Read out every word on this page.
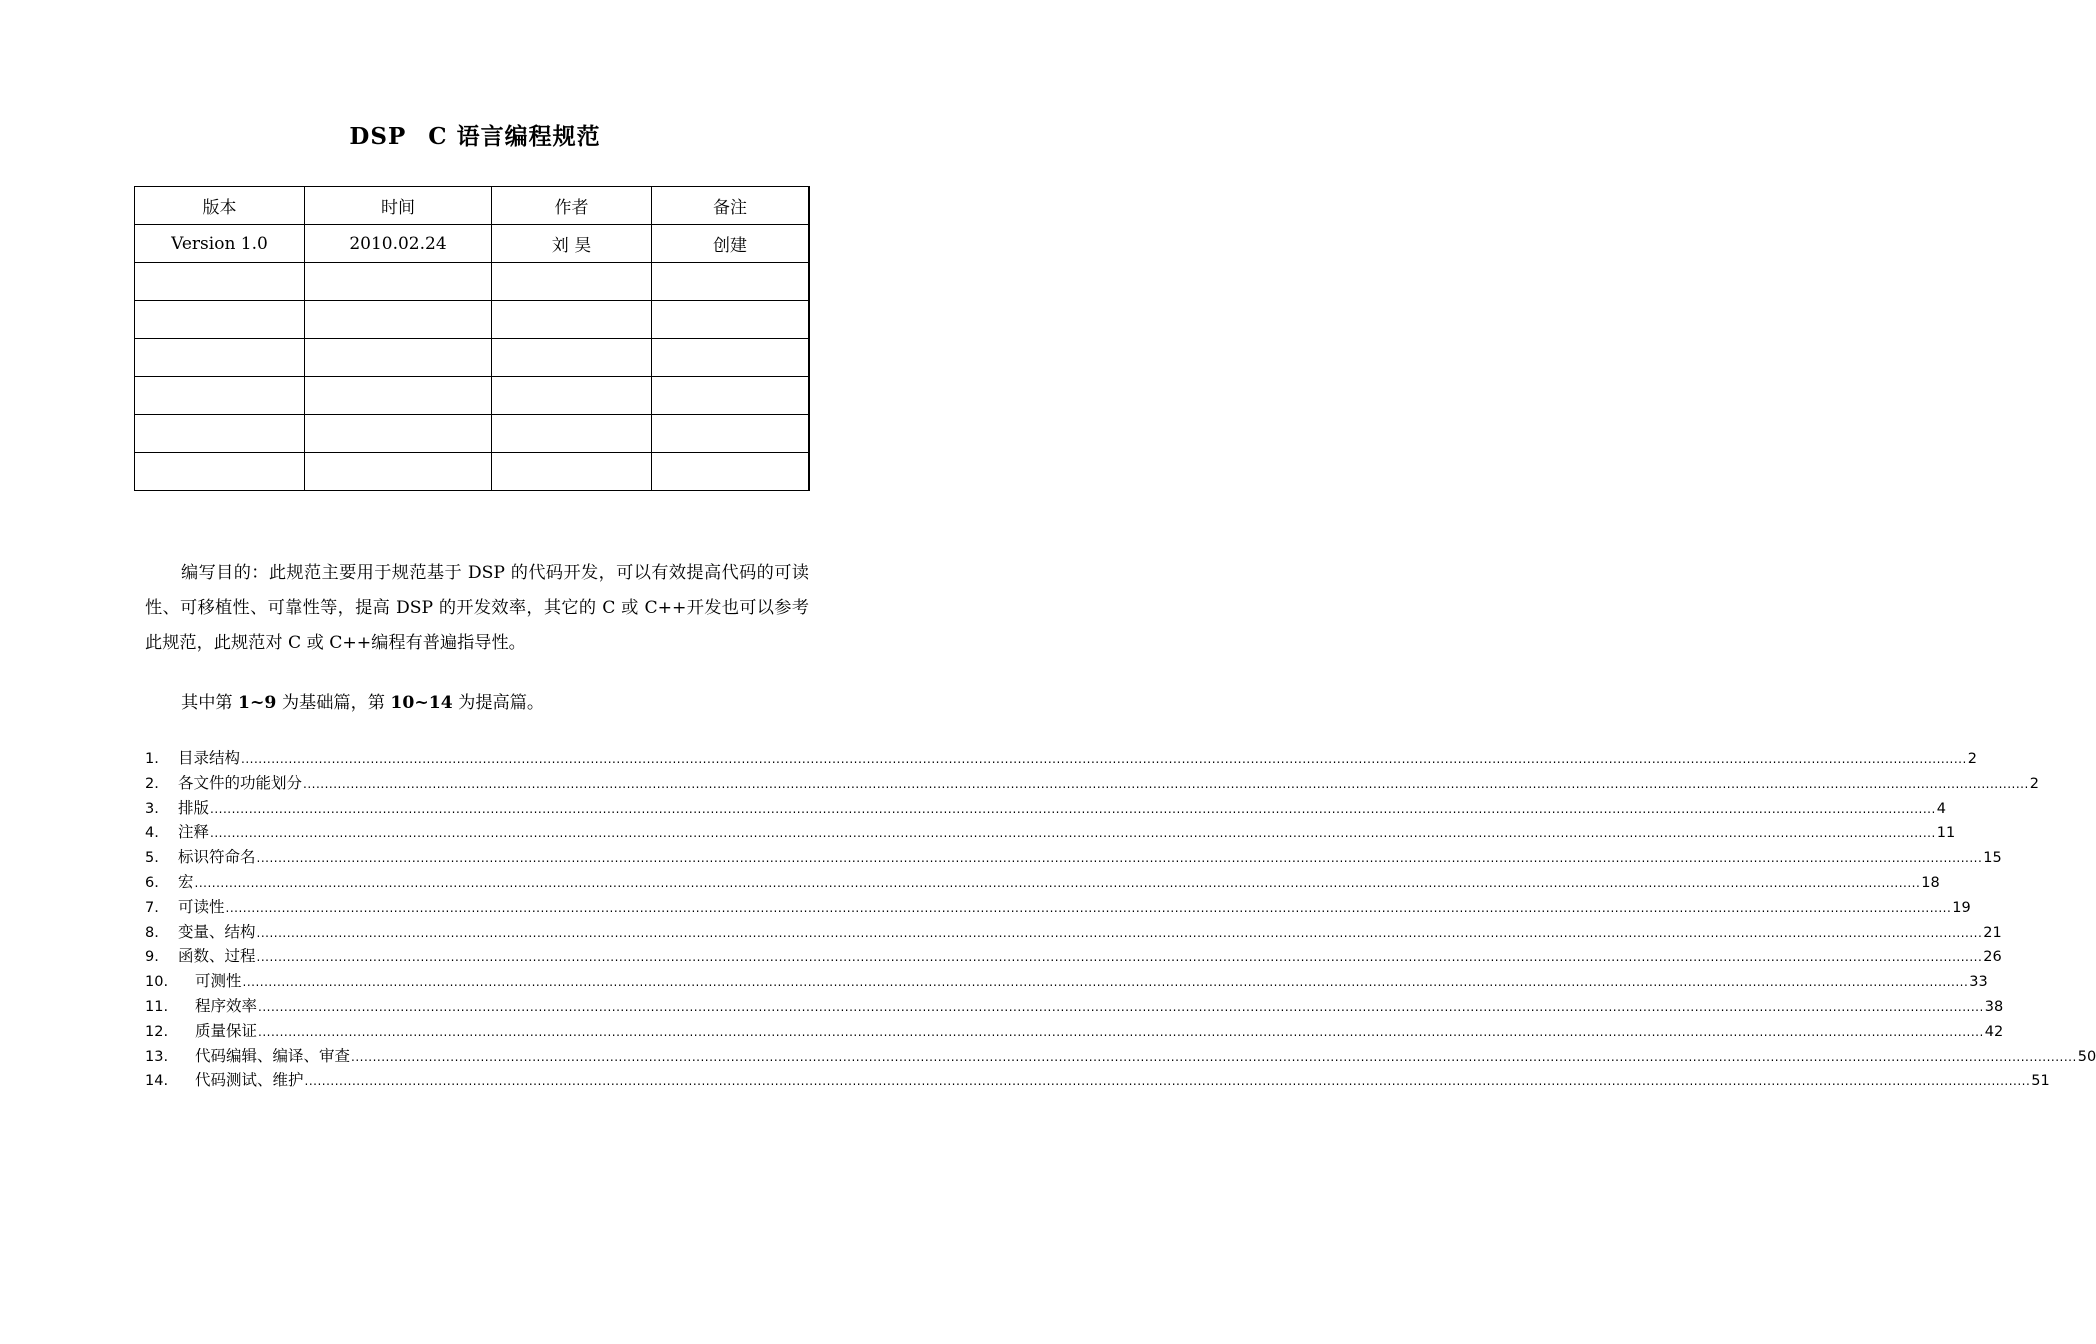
DSP C 语言编程规范
版本	时间	作者	备注
Version 1.0	2010.02.24	刘 昊	创建

编写目的：此规范主要用于规范基于 DSP 的代码开发，可以有效提高代码的可读性、可移植性、可靠性等，提高 DSP 的开发效率，其它的 C 或 C++开发也可以参考此规范，此规范对 C 或 C++编程有普遍指导性。
其中第 1~9 为基础篇，第 10~14 为提高篇。
1.	目录结构 ................................................................................................................................................................................................................................................................................................................................................................................................................ 2
2.	各文件的功能划分 ................................................................................................................................................................................................................................................................................................................................................................................................................ 2
3.	排版 ................................................................................................................................................................................................................................................................................................................................................................................................................ 4
4.	注释 ................................................................................................................................................................................................................................................................................................................................................................................................................ 11
5.	标识符命名 ................................................................................................................................................................................................................................................................................................................................................................................................................ 15
6.	宏 ................................................................................................................................................................................................................................................................................................................................................................................................................ 18
7.	可读性 ................................................................................................................................................................................................................................................................................................................................................................................................................ 19
8.	变量、结构 ................................................................................................................................................................................................................................................................................................................................................................................................................ 21
9.	函数、过程 ................................................................................................................................................................................................................................................................................................................................................................................................................ 26
10.	可测性 ................................................................................................................................................................................................................................................................................................................................................................................................................ 33
11.	程序效率 ................................................................................................................................................................................................................................................................................................................................................................................................................ 38
12.	质量保证 ................................................................................................................................................................................................................................................................................................................................................................................................................ 42
13.	代码编辑、编译、审查 ................................................................................................................................................................................................................................................................................................................................................................................................................ 50
14.	代码测试、维护 ................................................................................................................................................................................................................................................................................................................................................................................................................ 51
